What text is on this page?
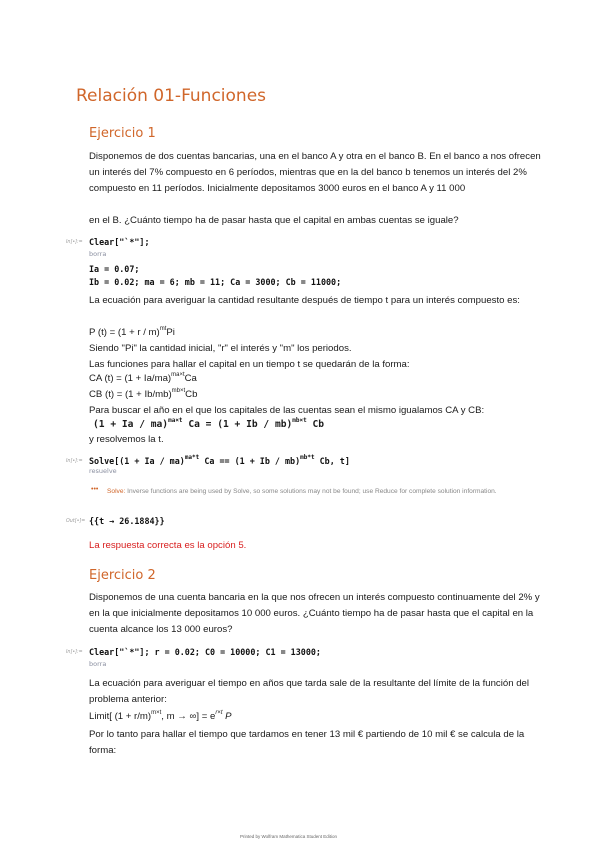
Relación 01-Funciones
Ejercicio 1
Disponemos de dos cuentas bancarias, una en el banco A y otra en el banco B. En el banco a nos ofrecen un interés del 7% compuesto en 6 períodos, mientras que en la del banco b tenemos un interés del 2% compuesto en 11 períodos. Inicialmente depositamos 3000 euros en el banco A y 11 000
en el B. ¿Cuánto tiempo ha de pasar hasta que el capital en ambas cuentas se iguale?
In[•]:= Clear["`*"];
borra
Ia = 0.07;
Ib = 0.02; ma = 6; mb = 11; Ca = 3000; Cb = 11000;
La ecuación para averiguar la cantidad resultante después de tiempo t para un interés compuesto es:
P $(t) = (1 + r / m)^{mt}Pi$
Siendo "Pi" la cantidad inicial, "r" el interés y "m" los periodos.
Las funciones para hallar el capital en un tiempo t se quedarán de la forma:
CA $(t) = (1 + Ia/ma)^{ma\times t}Ca$
CB $(t) = (1 + Ib/mb)^{mb\times t}Cb$
Para buscar el año en el que los capitales de las cuentas sean el mismo igualamos CA y CB:
(1 + Ia / ma)$^{ma\times t}$ Ca = (1 + Ib / mb)$^{mb\times t}$ Cb
y resolvemos la t.
In[•]:= Solve[(1 + Ia / ma)$^{ma*t}$ Ca == (1 + Ib / mb)$^{mb*t}$ Cb, t]
resuelve
••• Solve: Inverse functions are being used by Solve, so some solutions may not be found; use Reduce for complete solution information.
Out[•]= {{t → 26.1884}}
La respuesta correcta es la opción 5.
Ejercicio 2
Disponemos de una cuenta bancaria en la que nos ofrecen un interés compuesto continuamente del 2% y en la que inicialmente depositamos 10 000 euros. ¿Cuánto tiempo ha de pasar hasta que el capital en la cuenta alcance los 13 000 euros?
In[•]:= Clear["`*"]; r = 0.02; C0 = 10000; C1 = 13000;
borra
La ecuación para averiguar el tiempo en años que tarda sale de la resultante del límite de la función del problema anterior:
Limit[ $(1 + r/m)^{m\times t}$, m → ∞] = $e^{r\times t}$ P
Por lo tanto para hallar el tiempo que tardamos en tener 13 mil € partiendo de 10 mil € se calcula de la forma:
Printed by Wolfram Mathematica Student Edition
